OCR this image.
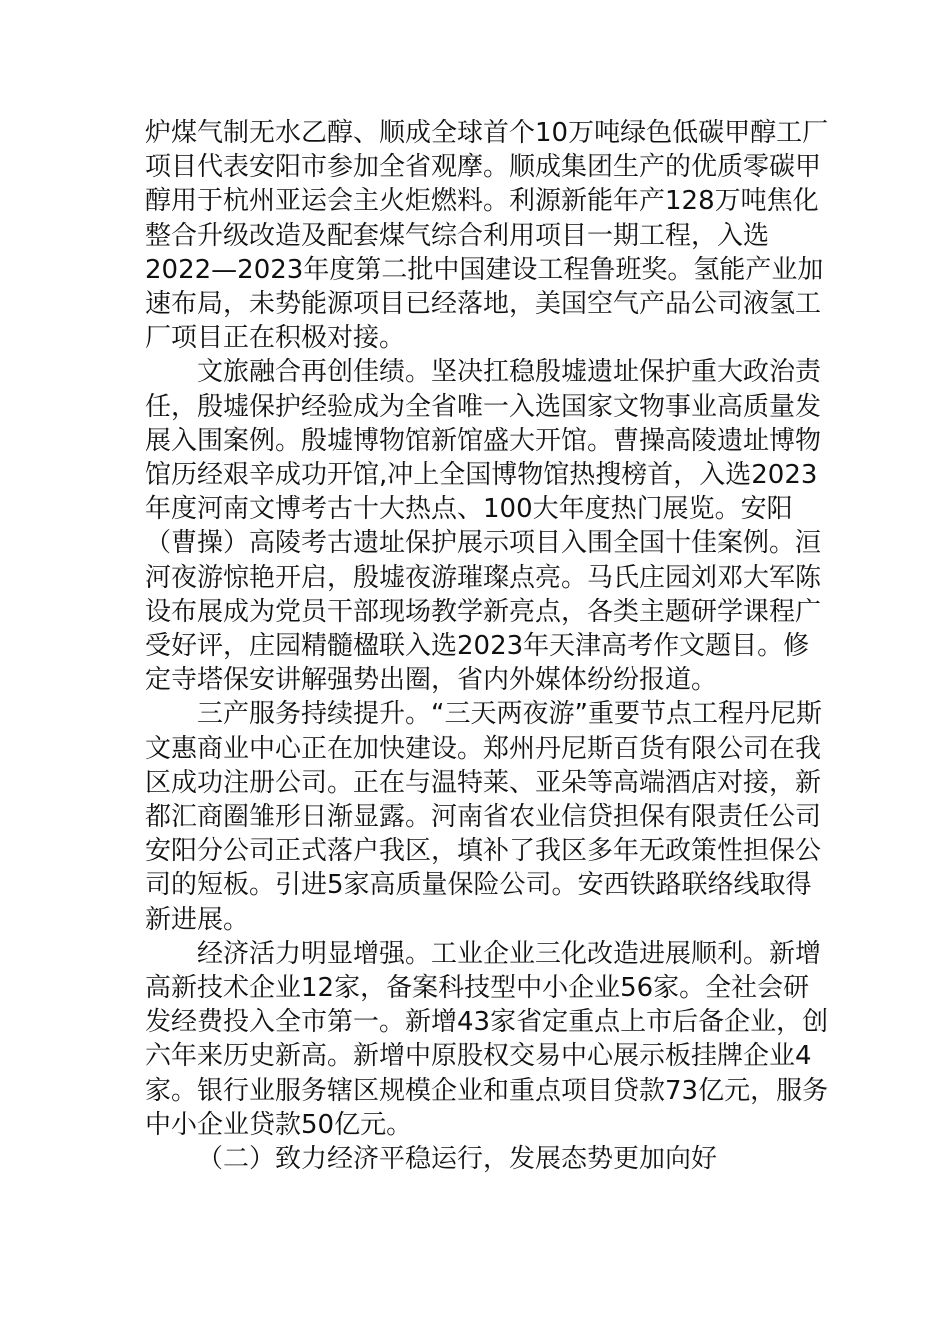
炉煤气制无水乙醇、顺成全球首个10万吨绿色低碳甲醇工厂项目代表安阳市参加全省观摩。顺成集团生产的优质零碳甲醇用于杭州亚运会主火炬燃料。利源新能年产128万吨焦化整合升级改造及配套煤气综合利用项目一期工程，入选2022—2023年度第二批中国建设工程鲁班奖。氢能产业加速布局，未势能源项目已经落地，美国空气产品公司液氢工厂项目正在积极对接。

文旅融合再创佳绩。坚决扛稳殷墟遗址保护重大政治责任，殷墟保护经验成为全省唯一入选国家文物事业高质量发展入围案例。殷墟博物馆新馆盛大开馆。曹操高陵遗址博物馆历经艰辛成功开馆,冲上全国博物馆热搜榜首，入选2023年度河南文博考古十大热点、100大年度热门展览。安阳（曹操）高陵考古遗址保护展示项目入围全国十佳案例。洹河夜游惊艳开启，殷墟夜游璀璨点亮。马氏庄园刘邓大军陈设布展成为党员干部现场教学新亮点，各类主题研学课程广受好评，庄园精髓楹联入选2023年天津高考作文题目。修定寺塔保安讲解强势出圈，省内外媒体纷纷报道。

三产服务持续提升。“三天两夜游”重要节点工程丹尼斯文惠商业中心正在加快建设。郑州丹尼斯百货有限公司在我区成功注册公司。正在与温特莱、亚朵等高端酒店对接，新都汇商圈雏形日渐显露。河南省农业信贷担保有限责任公司安阳分公司正式落户我区，填补了我区多年无政策性担保公司的短板。引进5家高质量保险公司。安西铁路联络线取得新进展。

经济活力明显增强。工业企业三化改造进展顺利。新增高新技术企业12家，备案科技型中小企业56家。全社会研发经费投入全市第一。新增43家省定重点上市后备企业，创六年来历史新高。新增中原股权交易中心展示板挂牌企业4家。银行业服务辖区规模企业和重点项目贷款73亿元，服务中小企业贷款50亿元。

（二）致力经济平稳运行，发展态势更加向好
